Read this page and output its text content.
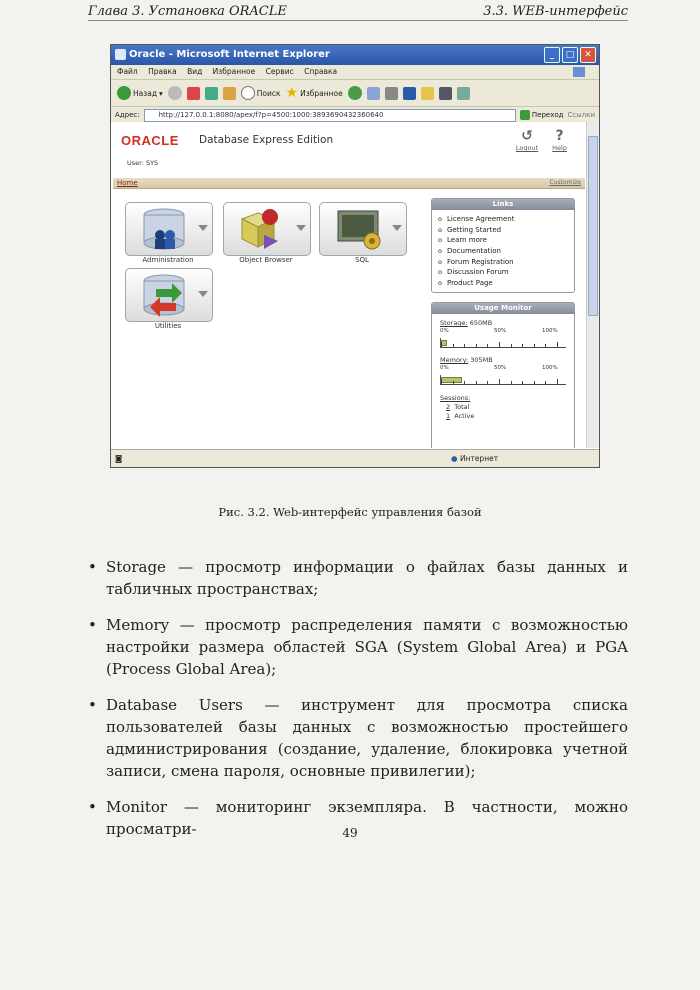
Глава 3. Установка ORACLE	3.3. WEB-интерфейс
Oracle - Microsoft Internet Explorer	_	□	✕
Файл Правка Вид Избранное Сервис Справка
Назад ▾	Поиск ★ Избранное
Адрес:	http://127.0.0.1:8080/apex/f?p=4500:1000:3893690432360640	Переход Ссылки
ORACLE Database Express Edition
User: SYS
↺
Logout
?
Help
Home	Customize
Administration	Object Browser	SQL
Utilities
Links
o License Agreement
o Getting Started
o Learn more
o Documentation
o Forum Registration
o Discussion Forum
o Product Page
Usage Monitor
Storage: 650MB
0%	50%	100%
Memory: 305MB
0%	50%	100%
Sessions:
2 Total
1 Active
◙	● Интернет
Рис. 3.2. Web-интерфейс управления базой
• Storage — просмотр информации о файлах базы данных и табличных пространствах;
• Memory — просмотр распределения памяти с возможностью настройки размера областей SGA (System Global Area) и PGA (Process Global Area);
• Database Users — инструмент для просмотра списка пользователей базы данных с возможностью простейшего администрирования (создание, удаление, блокировка учетной записи, смена пароля, основные привилегии);
• Monitor — мониторинг экземпляра. В частности, можно просматри-	49
